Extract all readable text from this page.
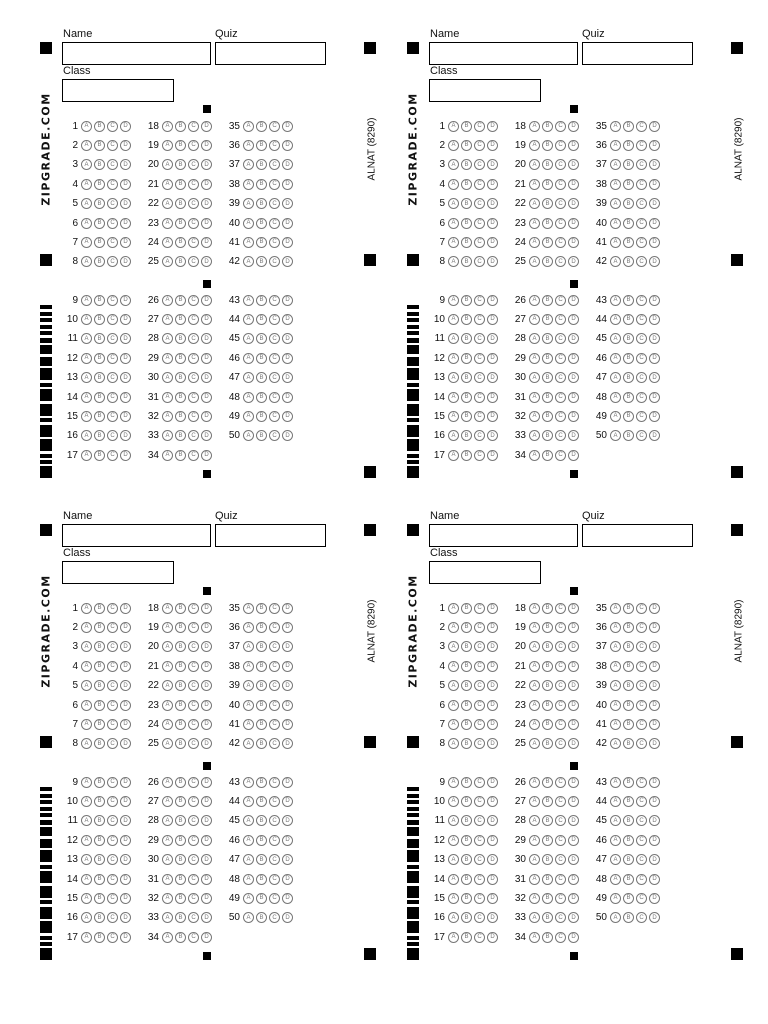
Name	Quiz
Class
ZIPGRADE.COM	ALNAT (8290)
1	A	B	C	D
2	A	B	C	D
3	A	B	C	D
4	A	B	C	D
5	A	B	C	D
6	A	B	C	D
7	A	B	C	D
8	A	B	C	D
18	A	B	C	D
19	A	B	C	D
20	A	B	C	D
21	A	B	C	D
22	A	B	C	D
23	A	B	C	D
24	A	B	C	D
25	A	B	C	D
35	A	B	C	D
36	A	B	C	D
37	A	B	C	D
38	A	B	C	D
39	A	B	C	D
40	A	B	C	D
41	A	B	C	D
42	A	B	C	D
9	A	B	C	D
10	A	B	C	D
11	A	B	C	D
12	A	B	C	D
13	A	B	C	D
14	A	B	C	D
15	A	B	C	D
16	A	B	C	D
17	A	B	C	D
26	A	B	C	D
27	A	B	C	D
28	A	B	C	D
29	A	B	C	D
30	A	B	C	D
31	A	B	C	D
32	A	B	C	D
33	A	B	C	D
34	A	B	C	D
43	A	B	C	D
44	A	B	C	D
45	A	B	C	D
46	A	B	C	D
47	A	B	C	D
48	A	B	C	D
49	A	B	C	D
50	A	B	C	D
Name	Quiz
Class
ZIPGRADE.COM	ALNAT (8290)
1	A	B	C	D
2	A	B	C	D
3	A	B	C	D
4	A	B	C	D
5	A	B	C	D
6	A	B	C	D
7	A	B	C	D
8	A	B	C	D
18	A	B	C	D
19	A	B	C	D
20	A	B	C	D
21	A	B	C	D
22	A	B	C	D
23	A	B	C	D
24	A	B	C	D
25	A	B	C	D
35	A	B	C	D
36	A	B	C	D
37	A	B	C	D
38	A	B	C	D
39	A	B	C	D
40	A	B	C	D
41	A	B	C	D
42	A	B	C	D
9	A	B	C	D
10	A	B	C	D
11	A	B	C	D
12	A	B	C	D
13	A	B	C	D
14	A	B	C	D
15	A	B	C	D
16	A	B	C	D
17	A	B	C	D
26	A	B	C	D
27	A	B	C	D
28	A	B	C	D
29	A	B	C	D
30	A	B	C	D
31	A	B	C	D
32	A	B	C	D
33	A	B	C	D
34	A	B	C	D
43	A	B	C	D
44	A	B	C	D
45	A	B	C	D
46	A	B	C	D
47	A	B	C	D
48	A	B	C	D
49	A	B	C	D
50	A	B	C	D
Name	Quiz
Class
ZIPGRADE.COM	ALNAT (8290)
1	A	B	C	D
2	A	B	C	D
3	A	B	C	D
4	A	B	C	D
5	A	B	C	D
6	A	B	C	D
7	A	B	C	D
8	A	B	C	D
18	A	B	C	D
19	A	B	C	D
20	A	B	C	D
21	A	B	C	D
22	A	B	C	D
23	A	B	C	D
24	A	B	C	D
25	A	B	C	D
35	A	B	C	D
36	A	B	C	D
37	A	B	C	D
38	A	B	C	D
39	A	B	C	D
40	A	B	C	D
41	A	B	C	D
42	A	B	C	D
9	A	B	C	D
10	A	B	C	D
11	A	B	C	D
12	A	B	C	D
13	A	B	C	D
14	A	B	C	D
15	A	B	C	D
16	A	B	C	D
17	A	B	C	D
26	A	B	C	D
27	A	B	C	D
28	A	B	C	D
29	A	B	C	D
30	A	B	C	D
31	A	B	C	D
32	A	B	C	D
33	A	B	C	D
34	A	B	C	D
43	A	B	C	D
44	A	B	C	D
45	A	B	C	D
46	A	B	C	D
47	A	B	C	D
48	A	B	C	D
49	A	B	C	D
50	A	B	C	D
Name	Quiz
Class
ZIPGRADE.COM	ALNAT (8290)
1	A	B	C	D
2	A	B	C	D
3	A	B	C	D
4	A	B	C	D
5	A	B	C	D
6	A	B	C	D
7	A	B	C	D
8	A	B	C	D
18	A	B	C	D
19	A	B	C	D
20	A	B	C	D
21	A	B	C	D
22	A	B	C	D
23	A	B	C	D
24	A	B	C	D
25	A	B	C	D
35	A	B	C	D
36	A	B	C	D
37	A	B	C	D
38	A	B	C	D
39	A	B	C	D
40	A	B	C	D
41	A	B	C	D
42	A	B	C	D
9	A	B	C	D
10	A	B	C	D
11	A	B	C	D
12	A	B	C	D
13	A	B	C	D
14	A	B	C	D
15	A	B	C	D
16	A	B	C	D
17	A	B	C	D
26	A	B	C	D
27	A	B	C	D
28	A	B	C	D
29	A	B	C	D
30	A	B	C	D
31	A	B	C	D
32	A	B	C	D
33	A	B	C	D
34	A	B	C	D
43	A	B	C	D
44	A	B	C	D
45	A	B	C	D
46	A	B	C	D
47	A	B	C	D
48	A	B	C	D
49	A	B	C	D
50	A	B	C	D
